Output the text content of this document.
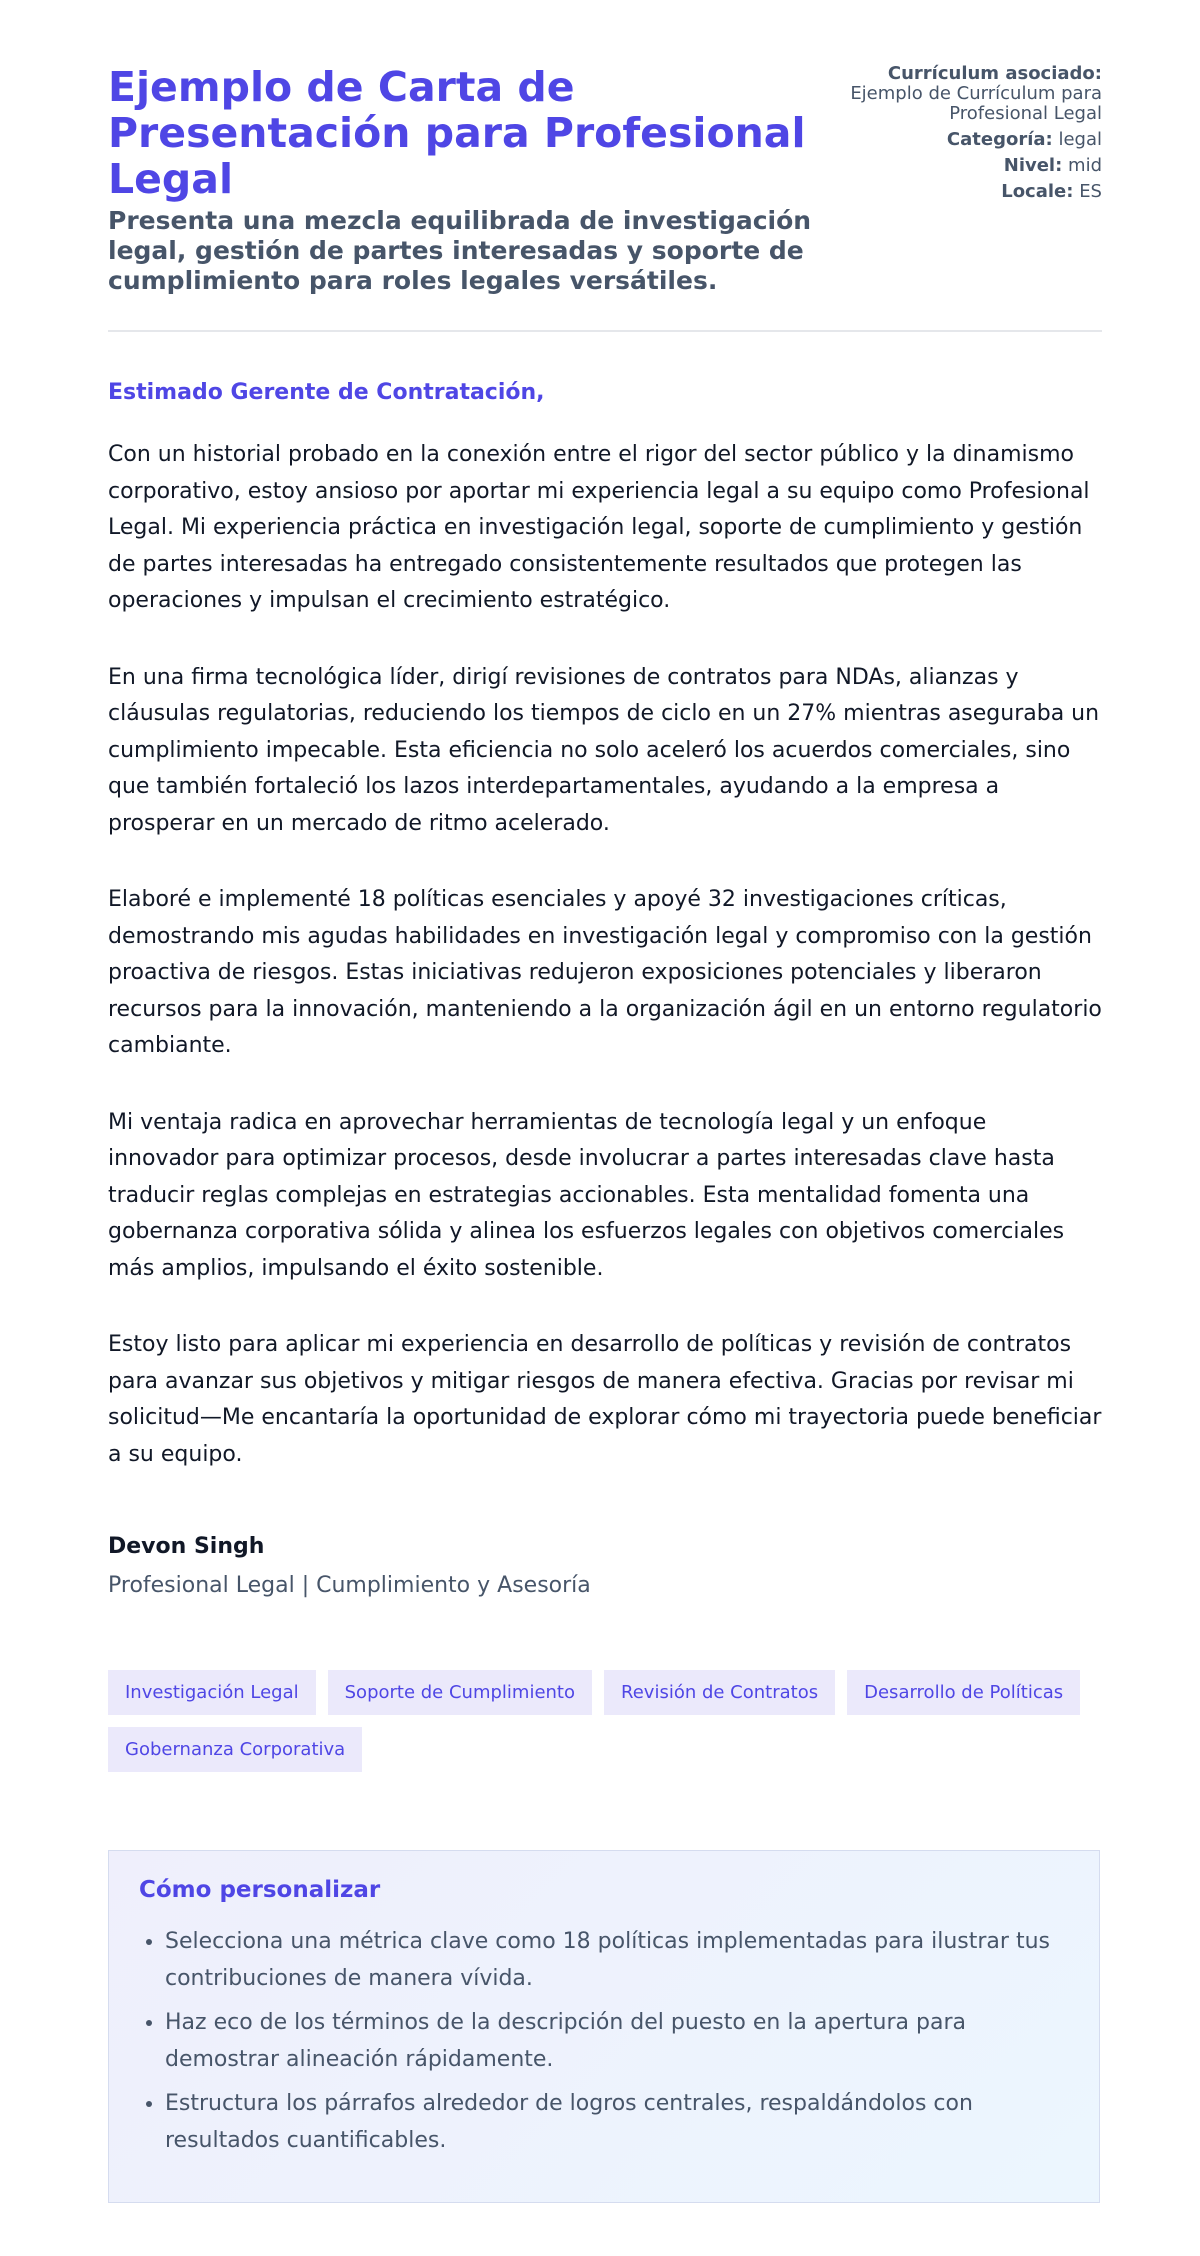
Ejemplo de Carta de Presentación para Profesional Legal
Presenta una mezcla equilibrada de investigación legal, gestión de partes interesadas y soporte de cumplimiento para roles legales versátiles.
Currículum asociado:
Ejemplo de Currículum para Profesional Legal
Categoría: legal
Nivel: mid
Locale: ES

Estimado Gerente de Contratación,

Con un historial probado en la conexión entre el rigor del sector público y la dinamismo corporativo, estoy ansioso por aportar mi experiencia legal a su equipo como Profesional Legal. Mi experiencia práctica en investigación legal, soporte de cumplimiento y gestión de partes interesadas ha entregado consistentemente resultados que protegen las operaciones y impulsan el crecimiento estratégico.

En una firma tecnológica líder, dirigí revisiones de contratos para NDAs, alianzas y cláusulas regulatorias, reduciendo los tiempos de ciclo en un 27% mientras aseguraba un cumplimiento impecable. Esta eficiencia no solo aceleró los acuerdos comerciales, sino que también fortaleció los lazos interdepartamentales, ayudando a la empresa a prosperar en un mercado de ritmo acelerado.

Elaboré e implementé 18 políticas esenciales y apoyé 32 investigaciones críticas, demostrando mis agudas habilidades en investigación legal y compromiso con la gestión proactiva de riesgos. Estas iniciativas redujeron exposiciones potenciales y liberaron recursos para la innovación, manteniendo a la organización ágil en un entorno regulatorio cambiante.

Mi ventaja radica en aprovechar herramientas de tecnología legal y un enfoque innovador para optimizar procesos, desde involucrar a partes interesadas clave hasta traducir reglas complejas en estrategias accionables. Esta mentalidad fomenta una gobernanza corporativa sólida y alinea los esfuerzos legales con objetivos comerciales más amplios, impulsando el éxito sostenible.

Estoy listo para aplicar mi experiencia en desarrollo de políticas y revisión de contratos para avanzar sus objetivos y mitigar riesgos de manera efectiva. Gracias por revisar mi solicitud—Me encantaría la oportunidad de explorar cómo mi trayectoria puede beneficiar a su equipo.

Devon Singh

Profesional Legal | Cumplimiento y Asesoría

Investigación Legal	Soporte de Cumplimiento	Revisión de Contratos	Desarrollo de Políticas
Gobernanza Corporativa
Cómo personalizar
• Selecciona una métrica clave como 18 políticas implementadas para ilustrar tus contribuciones de manera vívida.
• Haz eco de los términos de la descripción del puesto en la apertura para demostrar alineación rápidamente.
• Estructura los párrafos alrededor de logros centrales, respaldándolos con resultados cuantificables.
